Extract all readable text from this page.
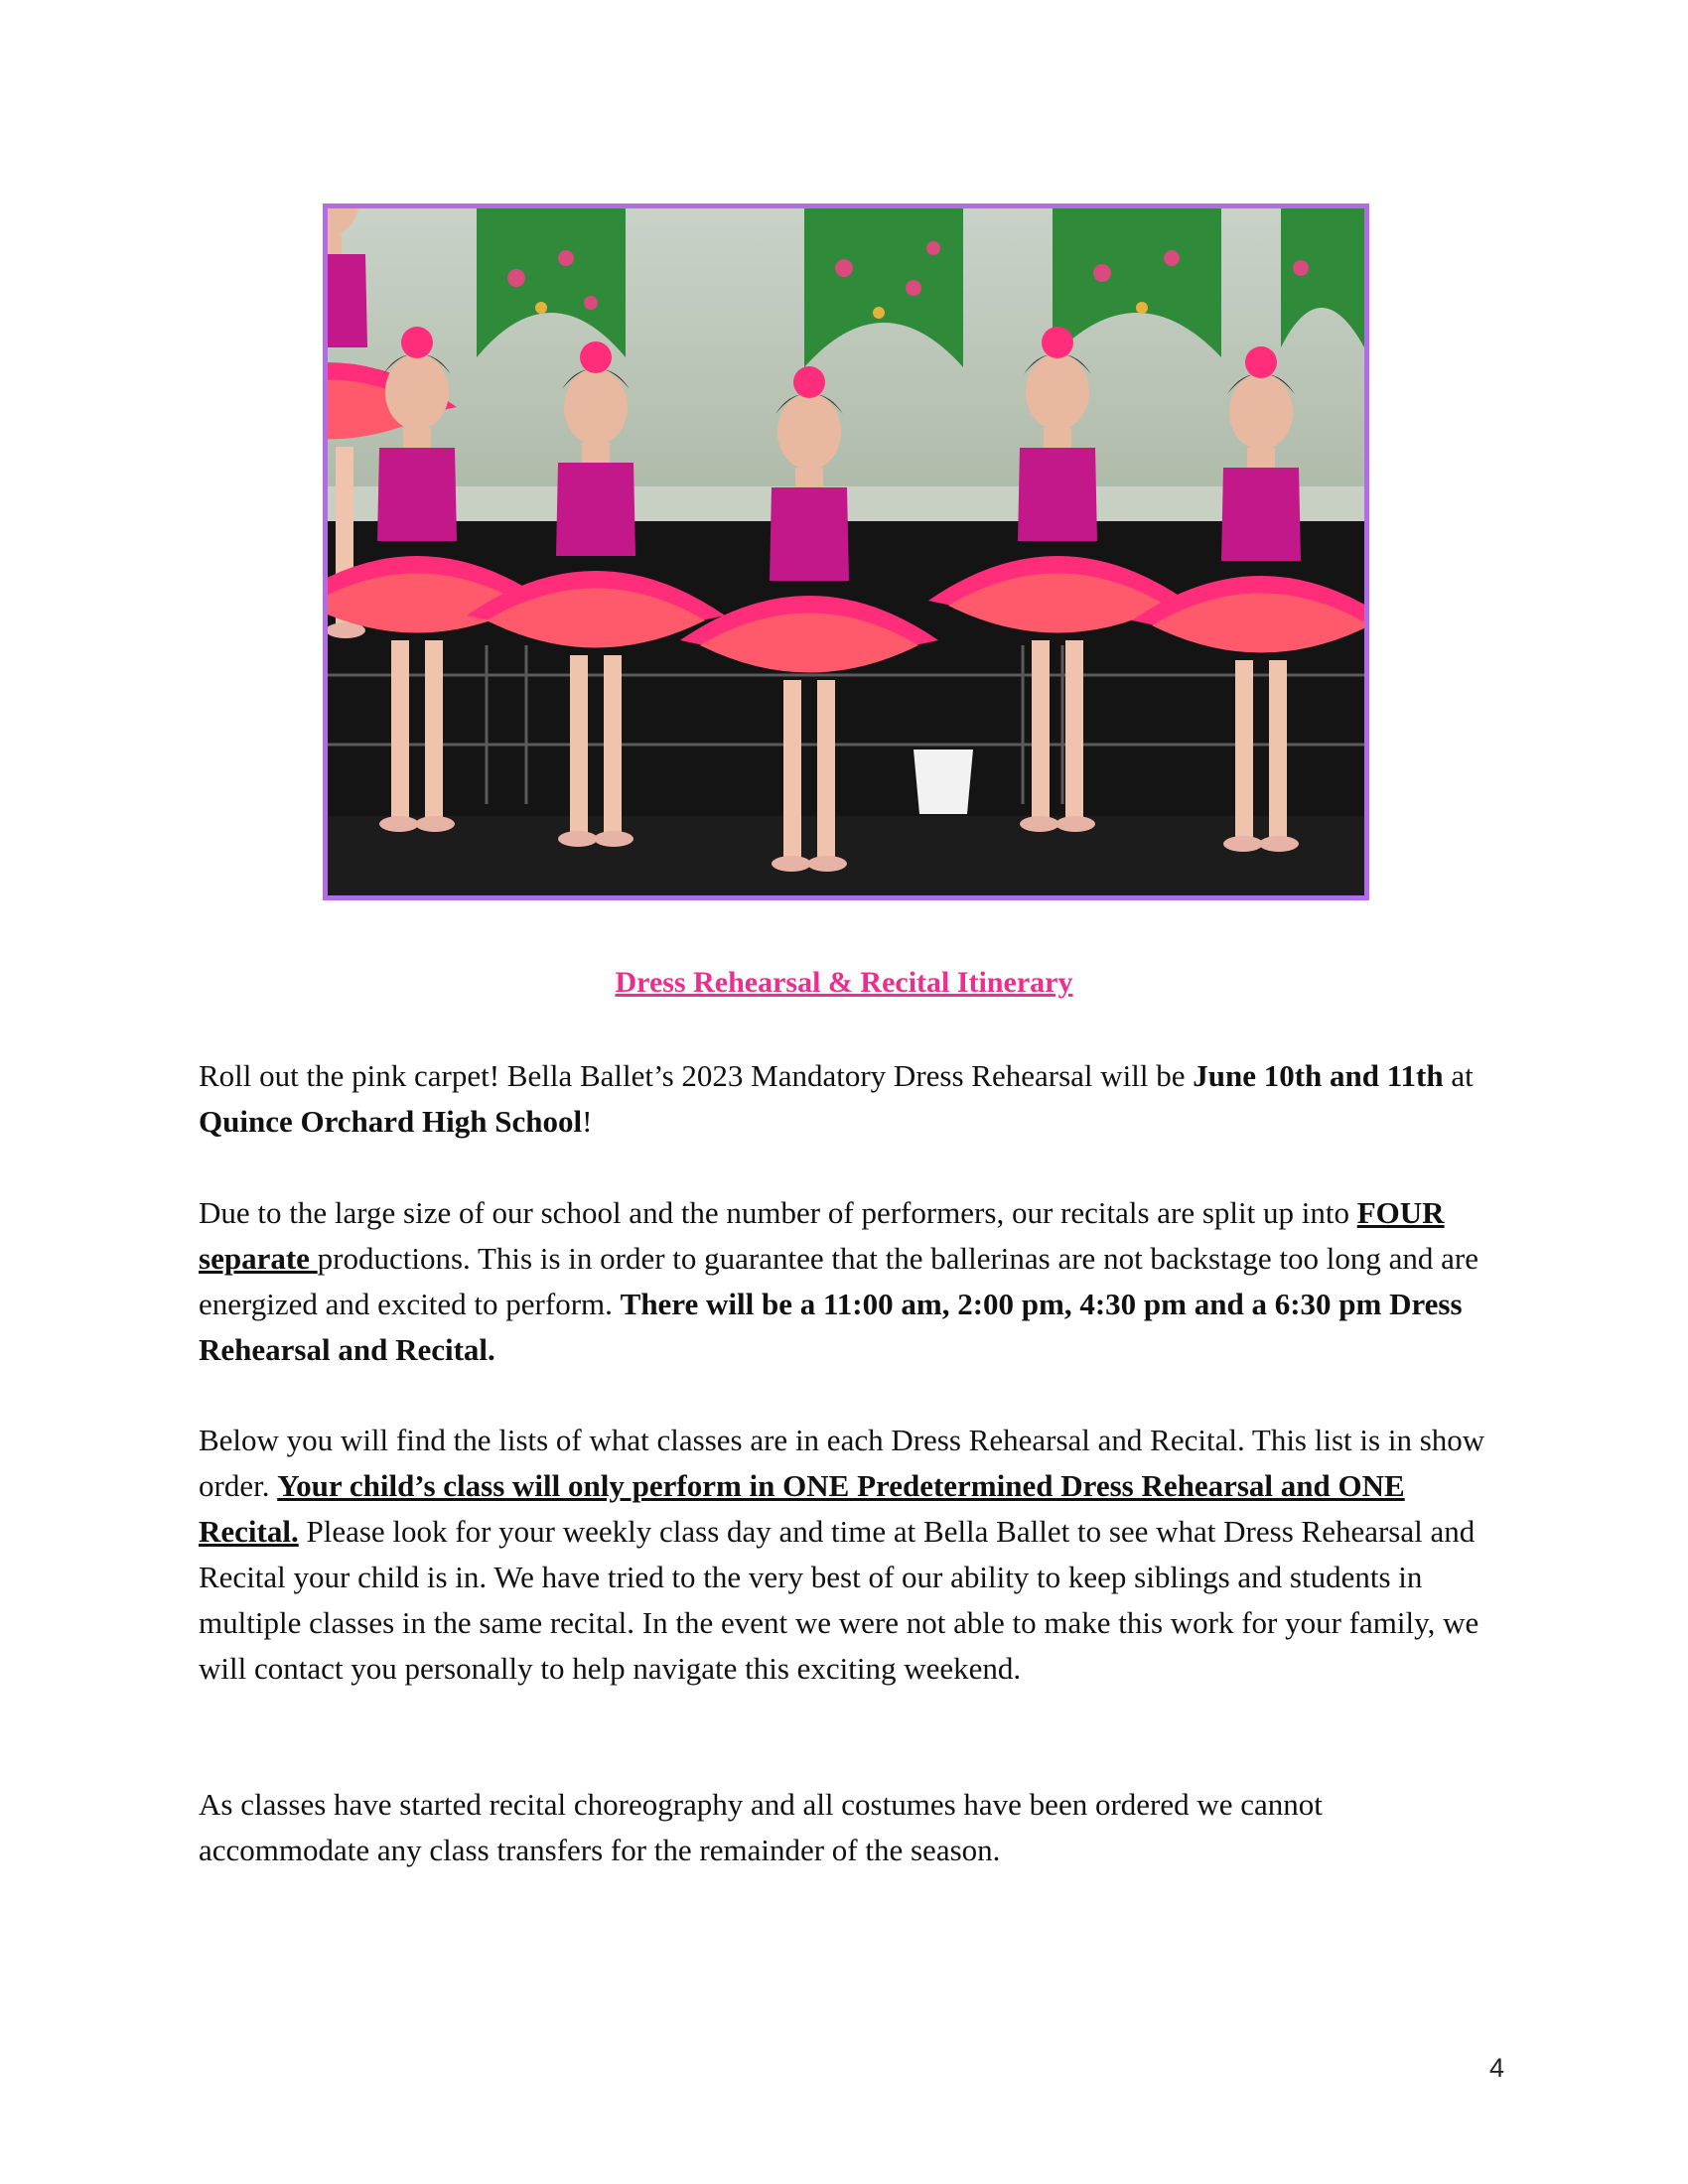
Dress Rehearsal & Recital Itinerary

Roll out the pink carpet! Bella Ballet’s 2023 Mandatory Dress Rehearsal will be June 10th and 11th at Quince Orchard High School!

Due to the large size of our school and the number of performers, our recitals are split up into FOUR separate productions. This is in order to guarantee that the ballerinas are not backstage too long and are energized and excited to perform. There will be a 11:00 am, 2:00 pm, 4:30 pm and a 6:30 pm Dress Rehearsal and Recital.

Below you will find the lists of what classes are in each Dress Rehearsal and Recital. This list is in show order. Your child’s class will only perform in ONE Predetermined Dress Rehearsal and ONE Recital. Please look for your weekly class day and time at Bella Ballet to see what Dress Rehearsal and Recital your child is in. We have tried to the very best of our ability to keep siblings and students in multiple classes in the same recital. In the event we were not able to make this work for your family, we will contact you personally to help navigate this exciting weekend.

As classes have started recital choreography and all costumes have been ordered we cannot accommodate any class transfers for the remainder of the season.

4
